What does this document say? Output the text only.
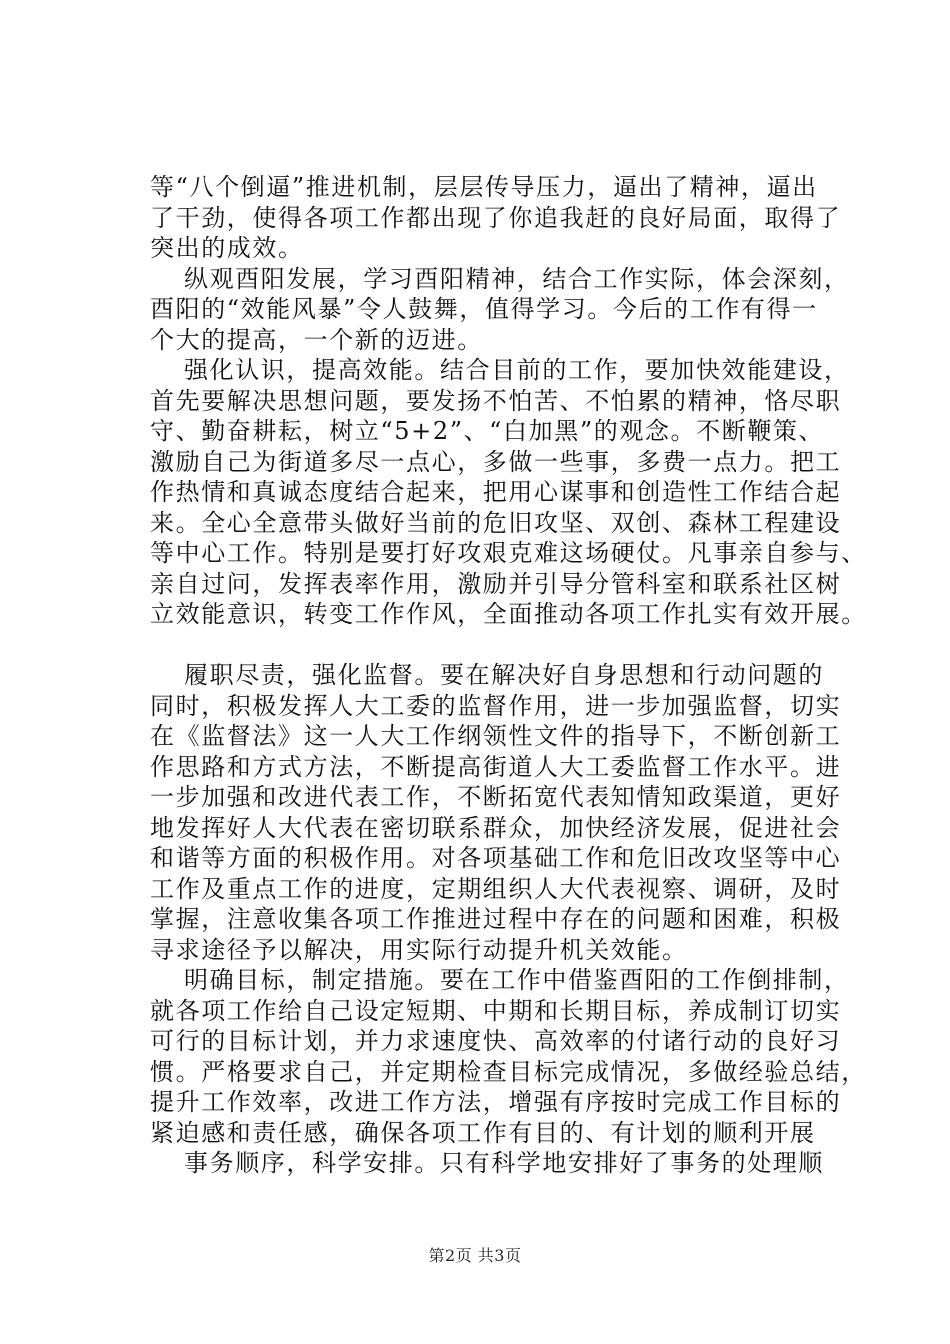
等“八个倒逼”推进机制，层层传导压力，逼出了精神，逼出
了干劲，使得各项工作都出现了你追我赶的良好局面，取得了
突出的成效。
纵观酉阳发展，学习酉阳精神，结合工作实际，体会深刻，
酉阳的“效能风暴”令人鼓舞，值得学习。今后的工作有得一
个大的提高，一个新的迈进。
强化认识，提高效能。结合目前的工作，要加快效能建设，
首先要解决思想问题，要发扬不怕苦、不怕累的精神，恪尽职
守、勤奋耕耘，树立“5+2”、“白加黑”的观念。不断鞭策、
激励自己为街道多尽一点心，多做一些事，多费一点力。把工
作热情和真诚态度结合起来，把用心谋事和创造性工作结合起
来。全心全意带头做好当前的危旧攻坚、双创、森林工程建设
等中心工作。特别是要打好攻艰克难这场硬仗。凡事亲自参与、
亲自过问，发挥表率作用，激励并引导分管科室和联系社区树
立效能意识，转变工作作风，全面推动各项工作扎实有效开展。
履职尽责，强化监督。要在解决好自身思想和行动问题的
同时，积极发挥人大工委的监督作用，进一步加强监督，切实
在《监督法》这一人大工作纲领性文件的指导下，不断创新工
作思路和方式方法，不断提高街道人大工委监督工作水平。进
一步加强和改进代表工作，不断拓宽代表知情知政渠道，更好
地发挥好人大代表在密切联系群众，加快经济发展，促进社会
和谐等方面的积极作用。对各项基础工作和危旧改攻坚等中心
工作及重点工作的进度，定期组织人大代表视察、调研，及时
掌握，注意收集各项工作推进过程中存在的问题和困难，积极
寻求途径予以解决，用实际行动提升机关效能。
明确目标，制定措施。要在工作中借鉴酉阳的工作倒排制，
就各项工作给自己设定短期、中期和长期目标，养成制订切实
可行的目标计划，并力求速度快、高效率的付诸行动的良好习
惯。严格要求自己，并定期检查目标完成情况，多做经验总结，
提升工作效率，改进工作方法，增强有序按时完成工作目标的
紧迫感和责任感，确保各项工作有目的、有计划的顺利开展
事务顺序，科学安排。只有科学地安排好了事务的处理顺
第2页 共3页
